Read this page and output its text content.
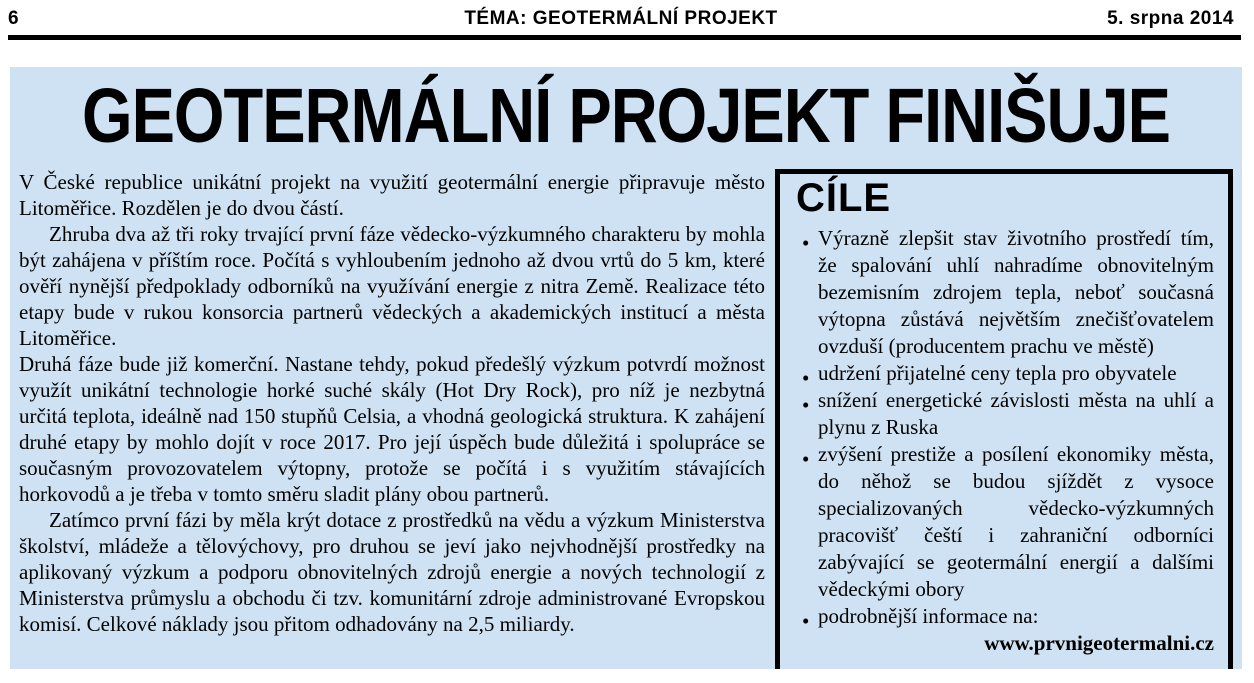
6	TÉMA: GEOTERMÁLNÍ PROJEKT	5. srpna 2014
GEOTERMÁLNÍ PROJEKT FINIŠUJE

V České republice unikátní projekt na využití geotermální energie připravuje město Litoměřice. Rozdělen je do dvou částí.

Zhruba dva až tři roky trvající první fáze vědecko-výzkumného charakteru by mohla být zahájena v příštím roce. Počítá s vyhloubením jednoho až dvou vrtů do 5 km, které ověří nynější předpoklady odborníků na využívání energie z nitra Země. Realizace této etapy bude v rukou konsorcia partnerů vědeckých a akademických institucí a města Litoměřice.

Druhá fáze bude již komerční. Nastane tehdy, pokud předešlý výzkum potvrdí možnost využít unikátní technologie horké suché skály (Hot Dry Rock), pro níž je nezbytná určitá teplota, ideálně nad 150 stupňů Celsia, a vhodná geologická struktura. K zahájení druhé etapy by mohlo dojít v roce 2017. Pro její úspěch bude důležitá i spolupráce se současným provozovatelem výtopny, protože se počítá i s využitím stávajících horkovodů a je třeba v tomto směru sladit plány obou partnerů.

Zatímco první fázi by měla krýt dotace z prostředků na vědu a výzkum Ministerstva školství, mládeže a tělovýchovy, pro druhou se jeví jako nejvhodnější prostředky na aplikovaný výzkum a podporu obnovitelných zdrojů energie a nových technologií z Ministerstva průmyslu a obchodu či tzv. komunitární zdroje administrované Evropskou komisí. Celkové náklady jsou přitom odhadovány na 2,5 miliardy.

CÍLE
• Výrazně zlepšit stav životního prostředí tím, že spalování uhlí nahradíme obnovitelným bezemisním zdrojem tepla, neboť současná výtopna zůstává největším znečišťovatelem ovzduší (producentem prachu ve městě)
• udržení přijatelné ceny tepla pro obyvatele
• snížení energetické závislosti města na uhlí a plynu z Ruska
• zvýšení prestiže a posílení ekonomiky města, do něhož se budou sjíždět z vysoce specializovaných vědecko-výzkumných pracovišť čeští i zahraniční odborníci zabývající se geotermální energií a dalšími vědeckými obory
• podrobnější informace na:
www.prvnigeotermalni.cz
